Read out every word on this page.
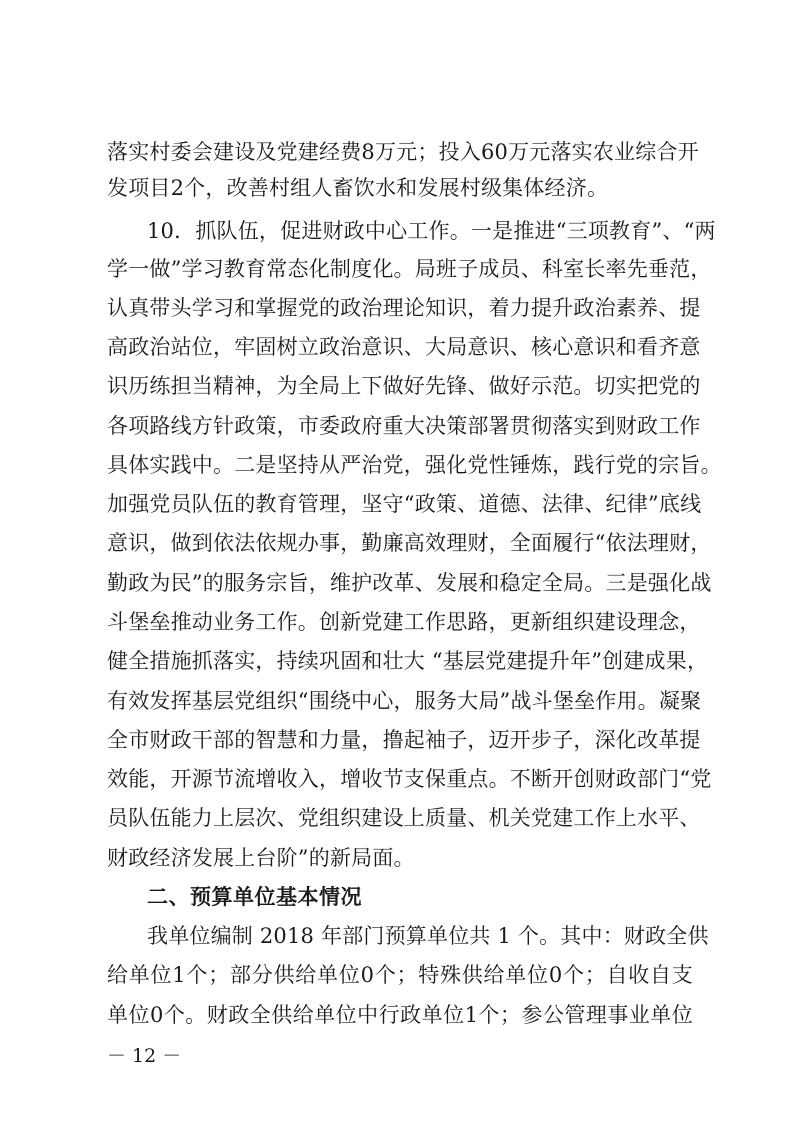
落实村委会建设及党建经费8万元；投入60万元落实农业综合开
发项目2个，改善村组人畜饮水和发展村级集体经济。
10．抓队伍，促进财政中心工作。一是推进“三项教育”、“两
学一做”学习教育常态化制度化。局班子成员、科室长率先垂范，
认真带头学习和掌握党的政治理论知识，着力提升政治素养、提
高政治站位，牢固树立政治意识、大局意识、核心意识和看齐意
识历练担当精神，为全局上下做好先锋、做好示范。切实把党的
各项路线方针政策，市委政府重大决策部署贯彻落实到财政工作
具体实践中。二是坚持从严治党，强化党性锤炼，践行党的宗旨。
加强党员队伍的教育管理，坚守“政策、道德、法律、纪律”底线
意识，做到依法依规办事，勤廉高效理财，全面履行“依法理财，
勤政为民”的服务宗旨，维护改革、发展和稳定全局。三是强化战
斗堡垒推动业务工作。创新党建工作思路，更新组织建设理念，
健全措施抓落实，持续巩固和壮大 “基层党建提升年”创建成果，
有效发挥基层党组织“围绕中心，服务大局”战斗堡垒作用。凝聚
全市财政干部的智慧和力量，撸起袖子，迈开步子，深化改革提
效能，开源节流增收入，增收节支保重点。不断开创财政部门“党
员队伍能力上层次、党组织建设上质量、机关党建工作上水平、
财政经济发展上台阶”的新局面。
二、预算单位基本情况
我单位编制 2018 年部门预算单位共 1 个。其中：财政全供
给单位1个；部分供给单位0个；特殊供给单位0个；自收自支
单位0个。财政全供给单位中行政单位1个；参公管理事业单位
－ 12 －
